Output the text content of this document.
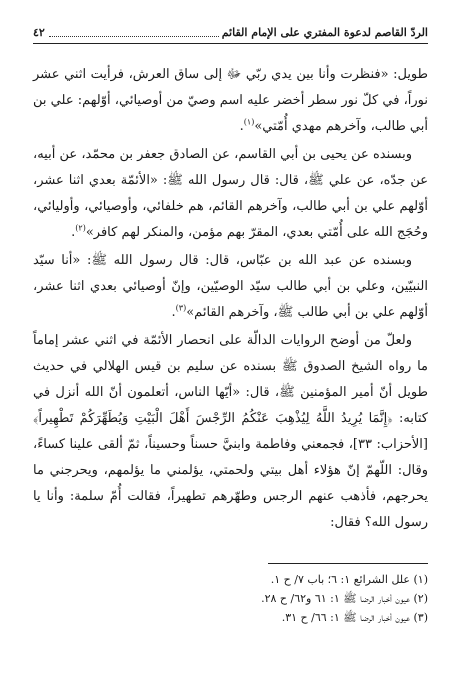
الردّ القاصم لدعوة المفتري على الإمام القائم
٤٢

طويل: «فنظرت وأنا بين يدي ربّي ﷻ إلى ساق العرش، فرأيت اثني عشر نوراً، في كلّ نور سطر أخضر عليه اسم وصيّ من أوصيائي، أوّلهم: علي بن أبي طالب، وآخرهم مهدي أُمّتي»$^{(١)}$.

وبسنده عن يحيى بن أبي القاسم، عن الصادق جعفر بن محمّد، عن أبيه، عن جدّه، عن علي ﷺ، قال: قال رسول الله ﷺ: «الأئمّة بعدي اثنا عشر، أوّلهم علي بن أبي طالب، وآخرهم القائم، هم خلفائي، وأوصيائي، وأوليائي، وحُجَج الله على أُمّتي بعدي، المقرّ بهم مؤمن، والمنكر لهم كافر»$^{(٢)}$.

وبسنده عن عبد الله بن عبّاس، قال: قال رسول الله ﷺ: «أنا سيّد النبيّين، وعلي بن أبي طالب سيّد الوصيّين، وإنّ أوصيائي بعدي اثنا عشر، أوّلهم علي بن أبي طالب ﷺ، وآخرهم القائم»$^{(٣)}$.

ولعلّ من أوضح الروايات الدالّة على انحصار الأئمّة في اثني عشر إماماً ما رواه الشيخ الصدوق ﷺ بسنده عن سليم بن قيس الهلالي في حديث طويل أنّ أمير المؤمنين ﷺ، قال: «أيّها الناس، أتعلمون أنّ الله أنزل في كتابه: ﴿إِنَّمَا يُرِيدُ اللَّهُ لِيُذْهِبَ عَنْكُمُ الرِّجْسَ أَهْلَ الْبَيْتِ وَيُطَهِّرَكُمْ تَطْهِيراً﴾ [الأحزاب: ٣٣]، فجمعني وفاطمة وابنيَّ حسناً وحسيناً، ثمّ ألقى علينا كساءً، وقال: اللّهمّ إنّ هؤلاء أهل بيتي ولحمتي، يؤلمني ما يؤلمهم، ويحرجني ما يحرجهم، فأذهب عنهم الرجس وطهّرهم تطهيراً، فقالت أُمّ سلمة: وأنا يا رسول الله؟ فقال:

(١) علل الشرائع ١: ٦؛ باب ٧/ ح ١.
(٢) عيون أخبار الرضا ﷺ ١: ٦١ و٦٢/ ح ٢٨.
(٣) عيون أخبار الرضا ﷺ ١: ٦٦/ ح ٣١.
